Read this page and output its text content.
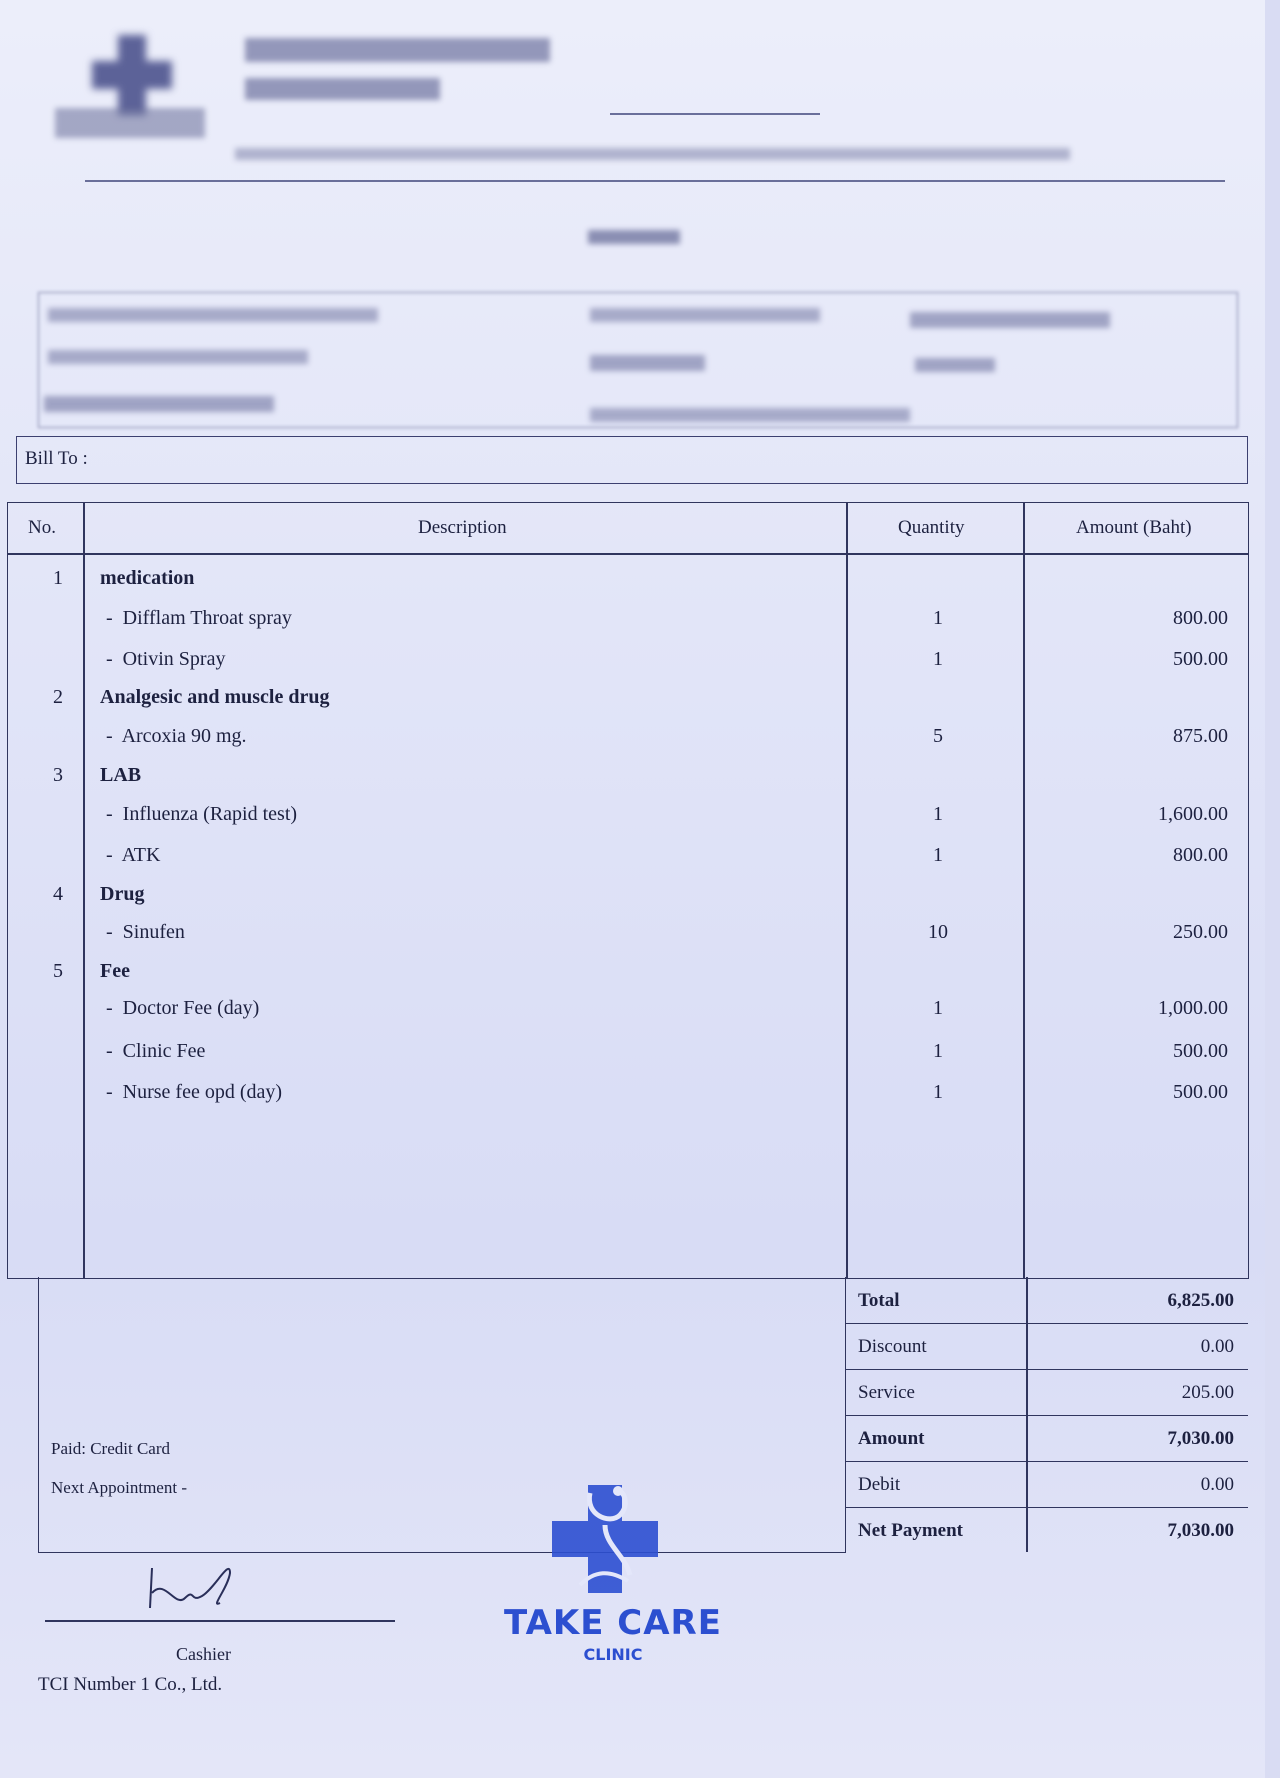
Bill To :
No.	Description	Quantity	Amount (Baht)
1 medication
-  Difflam Throat spray	1	800.00
-  Otivin Spray	1	500.00
2 Analgesic and muscle drug
-  Arcoxia 90 mg.	5	875.00
3 LAB
-  Influenza (Rapid test)	1	1,600.00
-  ATK	1	800.00
4 Drug
-  Sinufen	10	250.00
5 Fee
-  Doctor Fee (day)	1	1,000.00
-  Clinic Fee	1	500.00
-  Nurse fee opd (day)	1	500.00
Paid: Credit Card
Next Appointment -
Total	6,825.00
Discount	0.00
Service	205.00
Amount	7,030.00
Debit	0.00
Net Payment	7,030.00
Cashier
TCI Number 1 Co., Ltd.
TAKE CARE
CLINIC
